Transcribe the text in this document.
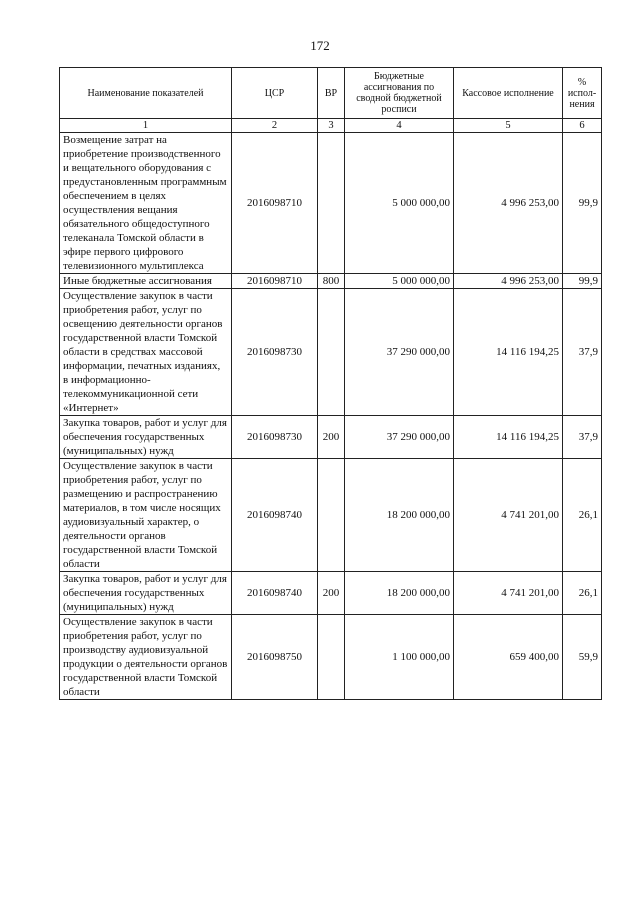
172
Наименование показателей	ЦСР	ВР	Бюджетные ассигнования по сводной бюджетной росписи	Кассовое исполнение	% испол- нения
1	2	3	4	5	6
Возмещение затрат на приобретение производственного и вещательного оборудования с предустановленным программным обеспечением в целях осуществления вещания обязательного общедоступного телеканала Томской области в эфире первого цифрового телевизионного мультиплекса	2016098710		5 000 000,00	4 996 253,00	99,9
Иные бюджетные ассигнования	2016098710	800	5 000 000,00	4 996 253,00	99,9
Осуществление закупок в части приобретения работ, услуг по освещению деятельности органов государственной власти Томской области в средствах массовой информации, печатных изданиях, в информационно-телекоммуникационной сети «Интернет»	2016098730		37 290 000,00	14 116 194,25	37,9
Закупка товаров, работ и услуг для обеспечения государственных (муниципальных) нужд	2016098730	200	37 290 000,00	14 116 194,25	37,9
Осуществление закупок в части приобретения работ, услуг по размещению и распространению материалов, в том числе носящих аудиовизуальный характер, о деятельности органов государственной власти Томской области	2016098740		18 200 000,00	4 741 201,00	26,1
Закупка товаров, работ и услуг для обеспечения государственных (муниципальных) нужд	2016098740	200	18 200 000,00	4 741 201,00	26,1
Осуществление закупок в части приобретения работ, услуг по производству аудиовизуальной продукции о деятельности органов государственной власти Томской области	2016098750		1 100 000,00	659 400,00	59,9
